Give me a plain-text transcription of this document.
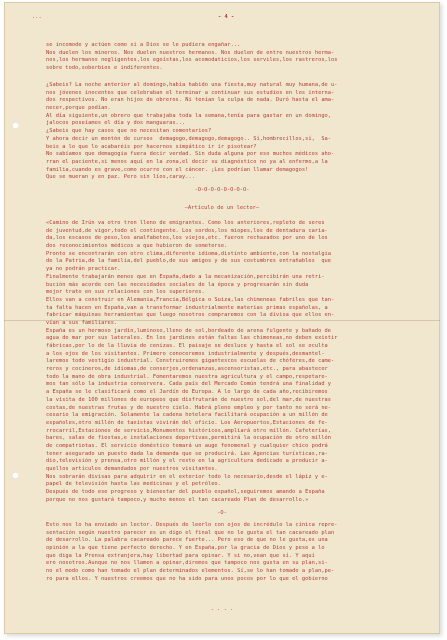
...	- 4 -
se incomode y actúen como si a Dios se le pudiera engañar...
Nos duelen los mineros. Nos duelen nuestros hermanos. Nos duelen de entre nuestros herma-
nos,los hermanos negligentes,los egoístas,los acomodaticios,los serviles,los rastreros,los
sobre todo,soberbios e indiferentes.
¿Sabeis? La noche anterior al domingo,había habido una fiesta,muy natural muy humana,de u-
nos jóvenes inocentes que celebraban el terminar a continuar sus estudios en los interna-
dos respectivos. No eran hijos de obreros. Ni tenían la culpa de nada. Duró hasta el ama-
necer,porque podían.
Al día siguiente,un obrero que trabajaba toda la semana,tenía para gastar en un domingo,
jalocos poseíamos el día y dos manguaras...
¿Sabeis que hay casos que no necesitan comentarios?
Y ahora decir un montón de cursos  demagogo,demagogo,demagogo.. Sí,hombrecillos,sí,  Sa-
beis a lo que lo acabaréis por hacernos simpático ir ir pisotear?
No sabíamos que demagogia fuera decir verdad. Sin duda alguna por eso muchos médicos aho-
rran el paciente,si menos aquí en la zona,el decir su diagnóstico no ya al enfermo,a la
familia,cuando es grave,como ocurre con el cáncer. ¡Les podrían llamar demagogos!
Que se mueran y en paz. Pero sin líos,caray...
-O-O-O-O-O-O-O-O-
—Artículo de un lector—
«Camino de Irún va otro tren lleno de emigrantes. Como los anteriores,repleto de seres
de juventud,de vigor,todo el contingente. Los sordos,los miopes,los de dentadura caria-
da,los escasos de peso,los analfabetos,los viejos,etc. fueron rechazados por uno de los
dos reconocimientos médicos a que hubieron de someterse.
Pronto se encontrarán con otro clima,diferente idioma,distinto ambiente,con la nostalgia
de la Patria,de la familia,del pueblo,de sus amigos y de sus costumbres entrañables  que
ya no podrán practicar.
Finalmente trabajarán menos que en España,dado a la mecanización,percibirán una retri-
bución más acorde con las necesidades sociales de la época y progresarán sin duda
mejor trato en sus relaciones con los superiores.
Ellos van a construir en Alemania,Francia,Bélgica o Suiza,las chimeneas fabriles que tan-
ta falta hacen en España,van a transformar industrialmente materias primas españolas, a
fabricar máquinas herramientas que luego nosotros compraremos con la divisa que ellos en-
vían a sus familiares.
España es un hermoso jardín,luminoso,lleno de sol,bordeado de arena fulgente y bañado de
agua de mar por sus laterales. En los jardines están faltas las chimeneas,no deben existir
fábricas,por lo de la lluvia de cenizas. El paisaje se desluce y hasta el sol se oculta
a los ojos de los visitantes. Primero conoceremos industrialmente y después,desmantel-
laremos todo vestigio industrial. Construiremos gigantescos escuelas de chóferes,de came-
reros y cocineros,de idiomas,de conserjes,ordenanzas,ascensoristas,etc., para abastecer
todo la mano de obra industrial. Fomentaremos nuestra agricultura y el campo,respetare-
mos tan sólo la industria conservera. Cada país del Mercado Común tendrá una finalidad y
a España se le clasificará como el Jardín de Europa. A lo largo de cada año,recibiremos
la visita de 100 millones de europeos que disfrutarán de nuestro sol,del mar,de nuestras
costas,de nuestras frutas y de nuestro cielo. Habrá pleno empleo y por tanto no será ne-
cesario la emigración. Solamente la cadena hotelera facilitará ocupación a un millón de
españoles,otro millón de taxistas vivirán del oficio. Los Aeropuertos,Estaciones de fe-
rrocarril,Estaciones de servicio,Monumentos históricos,ampliará otro millón. Cafeterías,
bares, salas de fiestas,e instalaciones deportivas,permitirá la ocupación de otro millón
de compatriotas. El servicio doméstico tomará un auge fenomenal y cualquier chico podrá
tener asegurado un puesto dada la demanda que se producirá. Las Agencias turísticas,ra-
dio,televisión y prensa,otro millón y el resto en la agricultura dedicado a producir a-
quellos artículos demandados por nuestros visitantes.
Nos sobrarán divisas para adquirir en el exterior todo lo necesario,desde el lápiz y e-
papel de televisión hasta las medicinas y el petróleo.
Después de todo ese progreso y bienestar del pueblo español,seguiremos amando a España
porque no nos gustará tampoco,y mucho menos el tan cacareado Plan de desarrollo.»
-O-
Esto nos lo ha enviado un lector. Después de leerlo con ojos de incrédulo la cínica repre-
sentación según nuestro parecer es un digo el final que no le gusta el tan cacareado plan
de desarrollo. La palabra cacareado parece fuerte... Pero eso de que no le gusta,es una
opinión a la que tiene perfecto derecho. Y en España,por la gracia de Dios y pese a lo
que diga la Prensa extranjera,hay libertad para opinar. Y si no,vean que sí. Y aquí
ero nosotros.Aunque no nos llamen a opinar,diremos que tampoco nos gusta en su plan,si-
no el modo como han tomado el plan determinados elementos. Sí,se lo han tomado a plan,pe-
ro para ellos. Y nuestros creemos que no ha sido para unos pocos por lo que el gobierno
. . . .
